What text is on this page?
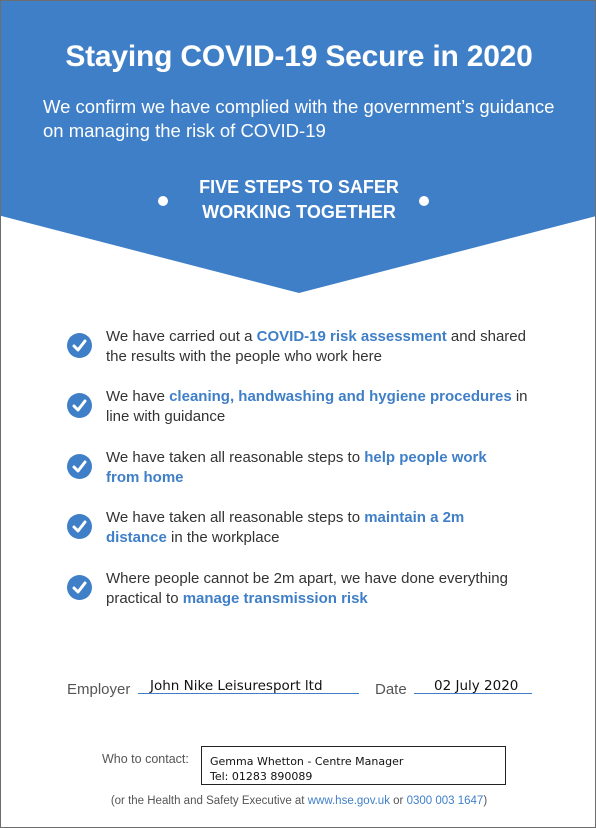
Staying COVID-19 Secure in 2020
We confirm we have complied with the government’s guidance on managing the risk of COVID-19
FIVE STEPS TO SAFER
WORKING TOGETHER
We have carried out a COVID-19 risk assessment and shared the results with the people who work here
We have cleaning, handwashing and hygiene procedures in line with guidance
We have taken all reasonable steps to help people work from home
We have taken all reasonable steps to maintain a 2m distance in the workplace
Where people cannot be 2m apart, we have done everything practical to manage transmission risk
Employer John Nike Leisuresport ltd	Date 02 July 2020
Who to contact: Gemma Whetton - Centre Manager
Tel: 01283 890089
(or the Health and Safety Executive at www.hse.gov.uk or 0300 003 1647)
